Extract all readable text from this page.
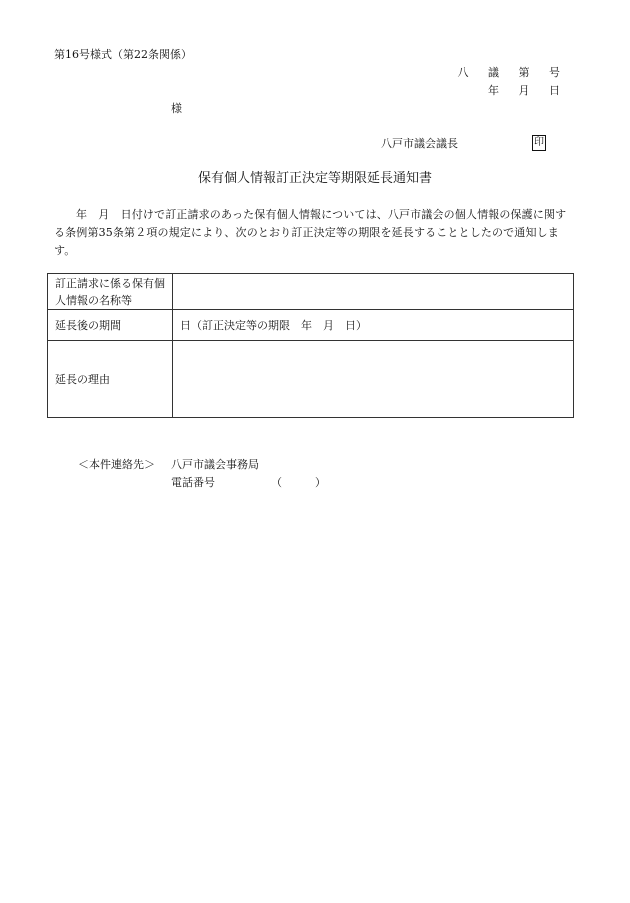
第16号様式（第22条関係）
八 議 第 号
年 月 日
様
八戸市議会議長	印
保有個人情報訂正決定等期限延長通知書
年　月　日付けで訂正請求のあった保有個人情報については、八戸市議会の個人情報の保護に関する条例第35条第２項の規定により、次のとおり訂正決定等の期限を延長することとしたので通知します。
訂正請求に係る保有個人情報の名称等	
延長後の期間	日（訂正決定等の期限　年　月　日）
延長の理由	
＜本件連絡先＞ 八戸市議会事務局
電話番号	（　　　）
